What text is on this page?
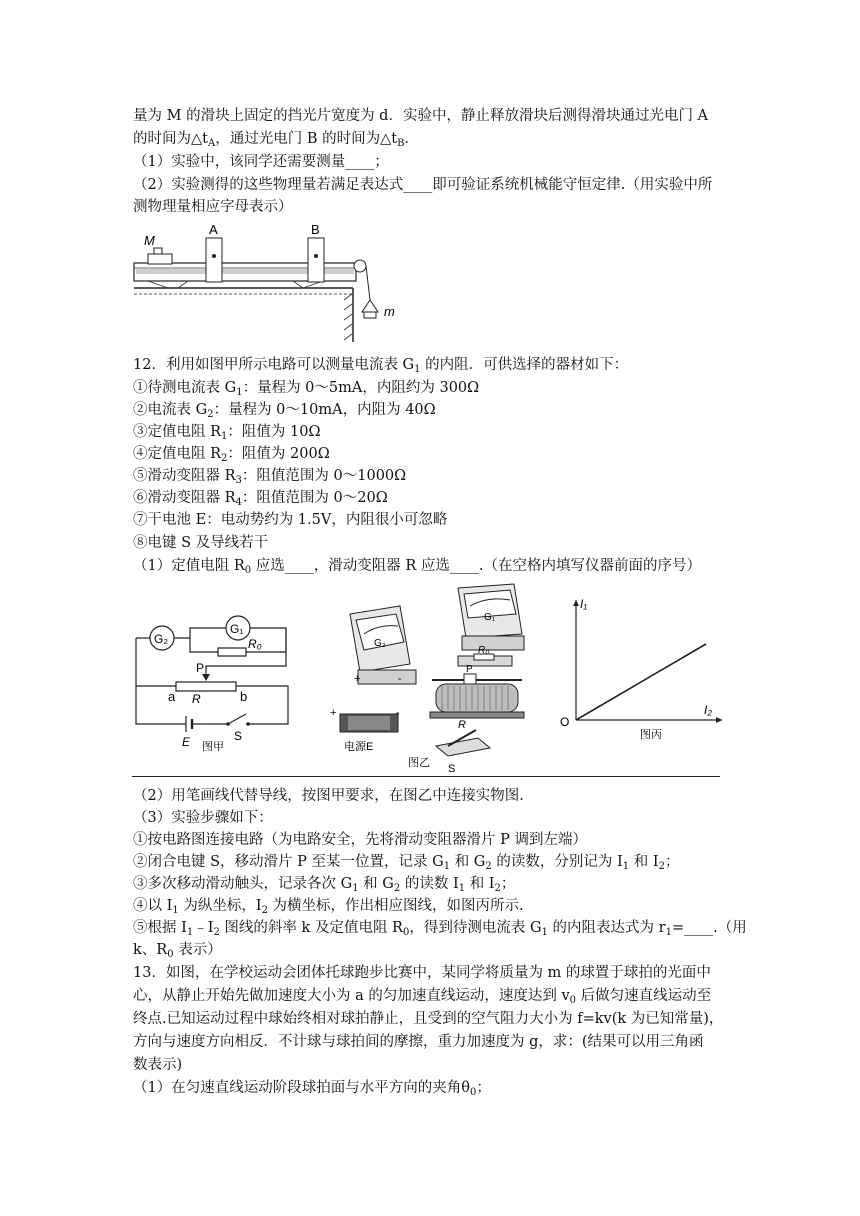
量为 M 的滑块上固定的挡光片宽度为 d．实验中，静止释放滑块后测得滑块通过光电门 A
的时间为$\triangle t_A$，通过光电门 B 的时间为$\triangle t_B$．
（1）实验中，该同学还需要测量____；
（2）实验测得的这些物理量若满足表达式____即可验证系统机械能守恒定律.（用实验中所
测物理量相应字母表示）
M
A	B
m
12．利用如图甲所示电路可以测量电流表 $G_1$ 的内阻．可供选择的器材如下：
①待测电流表 $G_1$：量程为 0～5mA，内阻约为 300Ω
②电流表 $G_2$：量程为 0～10mA，内阻为 40Ω
③定值电阻 $R_1$：阻值为 10Ω
④定值电阻 $R_2$：阻值为 200Ω
⑤滑动变阻器 $R_3$：阻值范围为 0～1000Ω
⑥滑动变阻器 $R_4$：阻值范围为 0～20Ω
⑦干电池 E：电动势约为 1.5V，内阻很小可忽略
⑧电键 S 及导线若干
（1）定值电阻 $R_0$ 应选____，滑动变阻器 R 应选____.（在空格内填写仪器前面的序号）
G₂
G₁
R₀
P
a R	b
E	S
图甲
G₂
+	-
G₁
R₀
P
R
+	-
电源E
S
图乙
I₁
I₂
O
图丙
（2）用笔画线代替导线，按图甲要求，在图乙中连接实物图.
（3）实验步骤如下：
①按电路图连接电路（为电路安全，先将滑动变阻器滑片 P 调到左端）
②闭合电键 S，移动滑片 P 至某一位置，记录 $G_1$ 和 $G_2$ 的读数，分别记为 $I_1$ 和 $I_2$；
③多次移动滑动触头，记录各次 $G_1$ 和 $G_2$ 的读数 $I_1$ 和 $I_2$；
④以 $I_1$ 为纵坐标，$I_2$ 为横坐标，作出相应图线，如图丙所示.
⑤根据 $I_1﹣I_2$ 图线的斜率 k 及定值电阻 $R_0$，得到待测电流表 $G_1$ 的内阻表达式为 $r_1=\_\_\_\_$.（用
k、$R_0$ 表示）
13．如图，在学校运动会团体托球跑步比赛中，某同学将质量为 m 的球置于球拍的光面中
心，从静止开始先做加速度大小为 a 的匀加速直线运动，速度达到 $v_0$ 后做匀速直线运动至
终点.已知运动过程中球始终相对球拍静止，且受到的空气阻力大小为 f=kv(k 为已知常量)，
方向与速度方向相反．不计球与球拍间的摩擦，重力加速度为 g，求：(结果可以用三角函
数表示)
（1）在匀速直线运动阶段球拍面与水平方向的夹角$\theta_0$；
